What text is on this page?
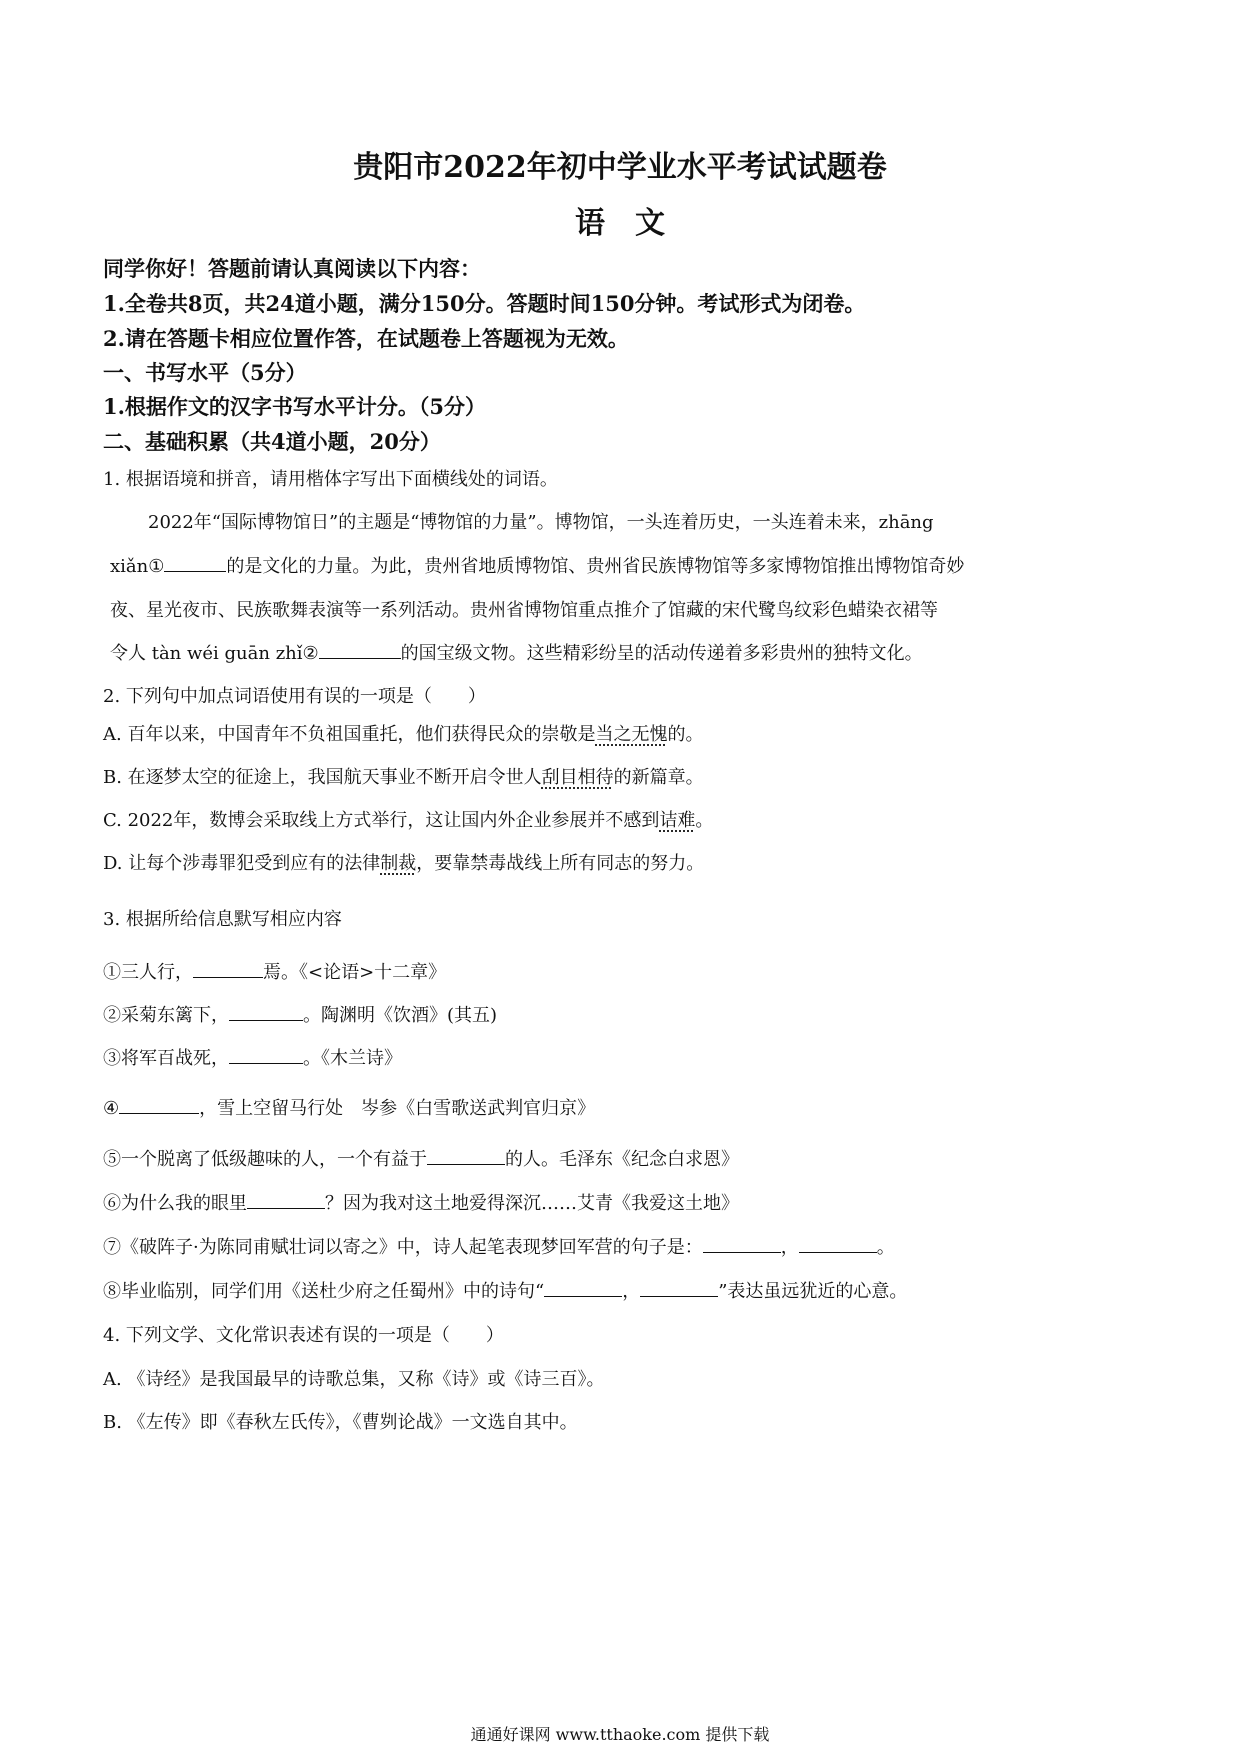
贵阳市2022年初中学业水平考试试题卷
语　文
同学你好！答题前请认真阅读以下内容：
1.全卷共8页，共24道小题，满分150分。答题时间150分钟。考试形式为闭卷。
2.请在答题卡相应位置作答，在试题卷上答题视为无效。
一、书写水平（5分）
1.根据作文的汉字书写水平计分。（5分）
二、基础积累（共4道小题，20分）
1. 根据语境和拼音，请用楷体字写出下面横线处的词语。
2022年“国际博物馆日”的主题是“博物馆的力量”。博物馆，一头连着历史，一头连着未来，zhāng
xiǎn①	的是文化的力量。为此，贵州省地质博物馆、贵州省民族博物馆等多家博物馆推出博物馆奇妙
夜、星光夜市、民族歌舞表演等一系列活动。贵州省博物馆重点推介了馆藏的宋代鹭鸟纹彩色蜡染衣裙等
令人 tàn wéi guān zhǐ②	的国宝级文物。这些精彩纷呈的活动传递着多彩贵州的独特文化。
2. 下列句中加点词语使用有误的一项是（　　）
A. 百年以来，中国青年不负祖国重托，他们获得民众的崇敬是当之无愧的。
B. 在逐梦太空的征途上，我国航天事业不断开启令世人刮目相待的新篇章。
C. 2022年，数博会采取线上方式举行，这让国内外企业参展并不感到诘难。
D. 让每个涉毒罪犯受到应有的法律制裁，要靠禁毒战线上所有同志的努力。
3. 根据所给信息默写相应内容
①三人行，	焉。《<论语>十二章》
②采菊东篱下，	。陶渊明《饮酒》(其五)
③将军百战死，	。《木兰诗》
④	，雪上空留马行处　岑参《白雪歌送武判官归京》
⑤一个脱离了低级趣味的人，一个有益于	的人。毛泽东《纪念白求恩》
⑥为什么我的眼里	？因为我对这土地爱得深沉……艾青《我爱这土地》
⑦《破阵子·为陈同甫赋壮词以寄之》中，诗人起笔表现梦回军营的句子是：	，	。
⑧毕业临别，同学们用《送杜少府之任蜀州》中的诗句“	，	”表达虽远犹近的心意。
4. 下列文学、文化常识表述有误的一项是（　　）
A. 《诗经》是我国最早的诗歌总集，又称《诗》或《诗三百》。
B. 《左传》即《春秋左氏传》，《曹刿论战》一文选自其中。
通通好课网 www.tthaoke.com 提供下载
